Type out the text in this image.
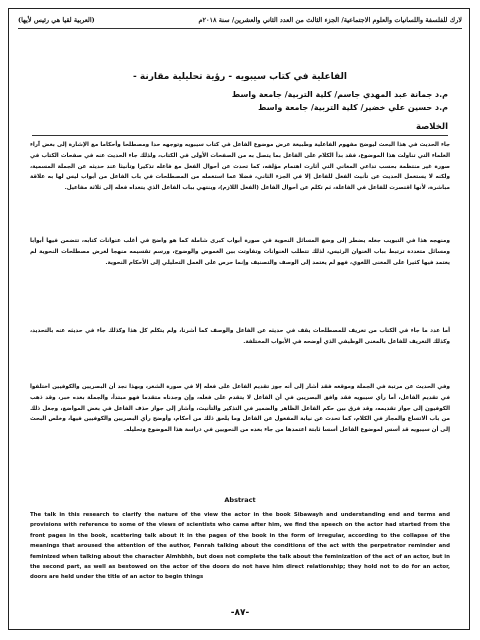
لارك للفلسفة واللسانيات والعلوم الاجتماعية/ الجزء الثالث من العدد الثاني والعشرين/ سنة ٢٠١٨م
(العربية لقيا هي رئيس لأيها)
الفاعلية في كتاب سيبويه - رؤية تحليلية مقارنة -
م.د جمانة عبد المهدي جاسم/ كلية التربية/ جامعة واسط
م.د حسين علي خضير/ كلية التربية/ جامعة واسط
الخلاصة
جاء الحديث في هذا البحث ليوضح مفهوم الفاعلية وطبيعة عرض موضوع الفاعل في كتاب سيبويه وتوجهه حدا ومصطلحا وأحكاما مع الإشارة إلى بعض آراء العلماء التي تناولت هذا الموضوع، فقد بدأ الكلام على الفاعل بما يتصل به من الصفحات الأولى في الكتاب، ولذلك جاء الحديث عنه في صفحات الكتاب في صورة غير منتظمة بحسب تداعي المعاني التي أثارت اهتمام مؤلفه، كما تحدث عن أحوال الفعل مع فاعله تذكيرا وتأنيثا عند حديثه عن الجملة المسمية، ولكنه لا يستعمل الحديث عن تأنيث الفعل للفاعل إلا في الجزء الثاني، فضلا عما استعمله من المصطلحات في باب الفاعل من أبواب ليس لها به علاقة مباشرة، لأنها اقتصرت للفاعل في الفاعلة، ثم تكلم عن أحوال الفاعل (الفعل اللازم)، وينتهي بباب الفاعل الذي يتعداه فعله إلى ثلاثة مفاعيل.
ومنهجه هذا في التبويب جعله يضطر إلى وضع المسائل النحوية في صورة أبواب كبرى شاملة كما هو واضح في أغلب عنوانات كتابه، تتضمن فيها أبوابا ومسائل متعددة ترتبط بباب العنوان الرئيس، لذلك تتطلب العنوانات وتفاوتت بين الغموض والوضوح، ورسم تقسيمه منهجا لعرض مصطلحات النحوية لم يعتمد فيها كثيرا على المعنى اللغوي، فهو لم يعتمد إلى الوصف والتصنيف وإنما حرص على العمل التحليلي إلى الأحكام النحوية.
أما عدد ما جاء في الكتاب من تعريف للمصطلحات يقف في حديثه عن الفاعل والوصف كما أشرنا، ولم يتكلم كل هذا وكذلك جاء في حديثه عنه بالتحديد، وكذلك التعريف للفاعل بالمعنى الوظيفي الذي أوضحه في الأبواب المختلفة.
وفي الحديث عن مرتبة في الجملة وموقعه فقد أشار إلى أنه جوز تقديم الفاعل على فعله إلا في صورة الشعر، وبهذا نجد أن البصريين والكوفيين اختلفوا في تقديم الفاعل، أما رأي سيبويه فقد وافق البصريين في أن الفاعل لا يتقدم على فعله، وإن وجدناه متقدما فهو مبتدأ، والجملة بعده خبر، وقد ذهب الكوفيون إلى جواز تقديمه، وقد فرق بين حكم الفاعل الظاهر والضمير في التذكير والتأنيث، وأشار إلى جواز حذف الفاعل في بعض المواضع، وجعل ذلك من باب الاتساع والمجاز في الكلام، كما تحدث عن نيابة المفعول عن الفاعل وما يلحق ذلك من أحكام، وأوضح رأي البصريين والكوفيين فيها، وخلص البحث إلى أن سيبويه قد أسس لموضوع الفاعل أسسا ثابتة اعتمدها من جاء بعده من النحويين في دراسة هذا الموضوع وتحليله.
Abstract
The talk in this research to clarify the nature of the view the actor in the book Sibawayh and understanding end and terms and provisions with reference to some of the views of scientists who came after him, we find the speech on the actor had started from the front pages in the book, scattering talk about it in the pages of the book in the form of irregular, according to the collapse of the meanings that aroused the attention of the author, Fenrah talking about the conditions of the act with the perpetrator reminder and feminized when talking about the character Almhbhh, but does not complete the talk about the feminization of the act of an actor, but in the second part, as well as bestowed on the actor of the doors do not have him direct relationship; they hold not to do for an actor, doors are held under the title of an actor to begin things
-٨٧-
